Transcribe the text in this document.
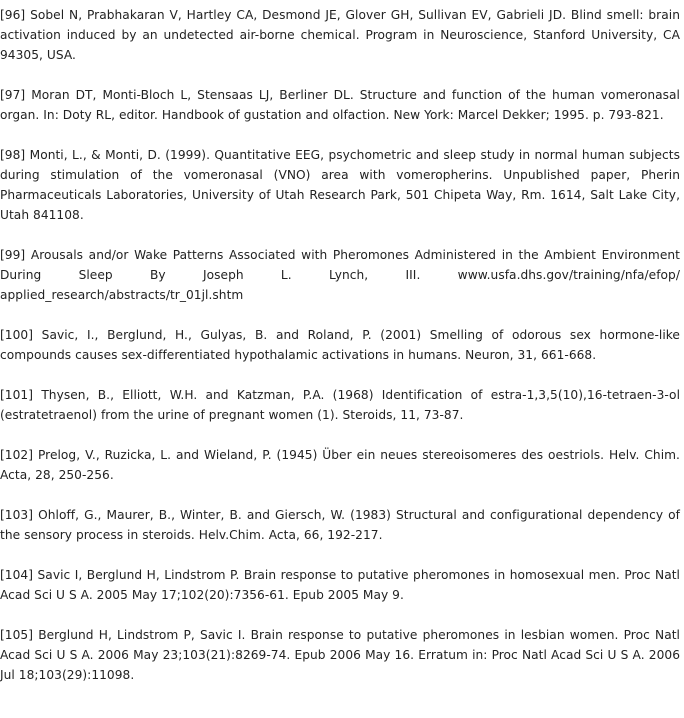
[96] Sobel N, Prabhakaran V, Hartley CA, Desmond JE, Glover GH, Sullivan EV, Gabrieli JD. Blind smell: brain activation induced by an undetected air-borne chemical. Program in Neuroscience, Stanford University, CA 94305, USA.
[97] Moran DT, Monti-Bloch L, Stensaas LJ, Berliner DL. Structure and function of the human vomeronasal organ. In: Doty RL, editor. Handbook of gustation and olfaction. New York: Marcel Dekker; 1995. p. 793-821.
[98] Monti, L., & Monti, D. (1999). Quantitative EEG, psychometric and sleep study in normal human subjects during stimulation of the vomeronasal (VNO) area with vomeropherins. Unpublished paper, Pherin Pharmaceuticals Laboratories, University of Utah Research Park, 501 Chipeta Way, Rm. 1614, Salt Lake City, Utah 841108.
[99] Arousals and/or Wake Patterns Associated with Pheromones Administered in the Ambient Environment During Sleep By Joseph L. Lynch, III. www.usfa.dhs.gov/training/nfa/efop/ applied_research/abstracts/tr_01jl.shtm
[100] Savic, I., Berglund, H., Gulyas, B. and Roland, P. (2001) Smelling of odorous sex hormone-like compounds causes sex-differentiated hypothalamic activations in humans. Neuron, 31, 661-668.
[101] Thysen, B., Elliott, W.H. and Katzman, P.A. (1968) Identification of estra-1,3,5(10),16-tetraen-3-ol (estratetraenol) from the urine of pregnant women (1). Steroids, 11, 73-87.
[102] Prelog, V., Ruzicka, L. and Wieland, P. (1945) Über ein neues stereoisomeres des oestriols. Helv. Chim. Acta, 28, 250-256.
[103] Ohloff, G., Maurer, B., Winter, B. and Giersch, W. (1983) Structural and configurational dependency of the sensory process in steroids. Helv.Chim. Acta, 66, 192-217.
[104] Savic I, Berglund H, Lindstrom P. Brain response to putative pheromones in homosexual men. Proc Natl Acad Sci U S A. 2005 May 17;102(20):7356-61. Epub 2005 May 9.
[105] Berglund H, Lindstrom P, Savic I. Brain response to putative pheromones in lesbian women. Proc Natl Acad Sci U S A. 2006 May 23;103(21):8269-74. Epub 2006 May 16. Erratum in: Proc Natl Acad Sci U S A. 2006 Jul 18;103(29):11098.
